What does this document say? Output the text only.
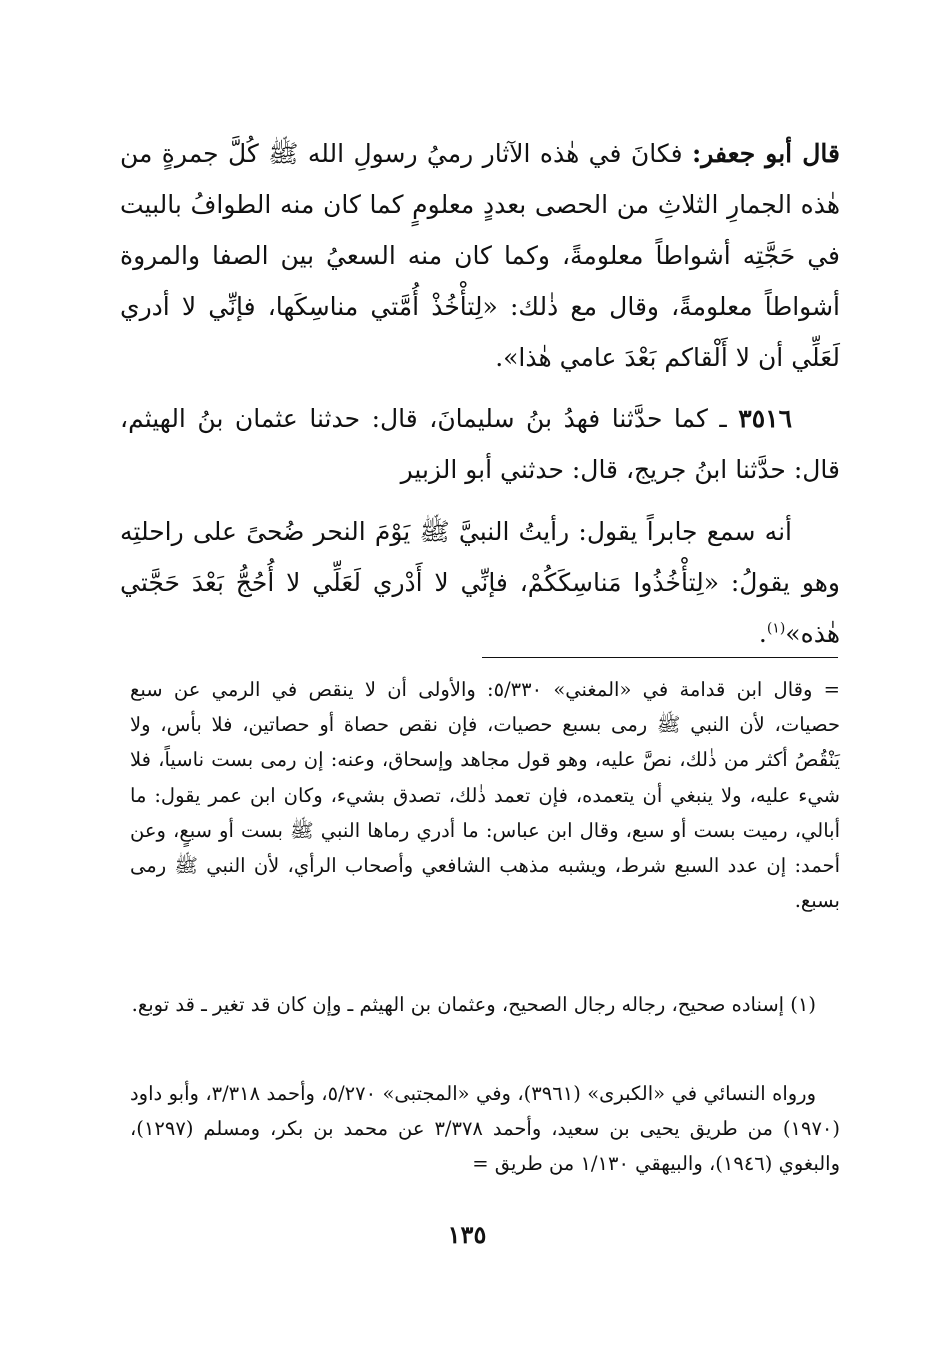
قال أبو جعفر: فكانَ في هٰذه الآثار رميُ رسولِ الله ﷺ كُلَّ جمرةٍ من هٰذه الجمارِ الثلاثِ من الحصى بعددٍ معلومٍ كما كان منه الطوافُ بالبيت في حَجَّتِه أشواطاً معلومةً، وكما كان منه السعيُ بين الصفا والمروة أشواطاً معلومةً، وقال مع ذٰلك: «لِتأْخُذْ أُمَّتي مناسِكَها، فإنِّي لا أدري لَعَلِّي أن لا أَلْقاكم بَعْدَ عامي هٰذا».

٣٥١٦ ـ كما حدَّثنا فهدُ بنُ سليمانَ، قال: حدثنا عثمان بنُ الهيثم، قال: حدَّثنا ابنُ جريج، قال: حدثني أبو الزبير

أنه سمع جابراً يقول: رأيتُ النبيَّ ﷺ يَوْمَ النحر ضُحىً على راحلتِه وهو يقولُ: «لِتأْخُذُوا مَناسِكَكُمْ، فإنِّي لا أَدْري لَعَلِّي لا أُحُجُّ بَعْدَ حَجَّتي هٰذه»$^{(١)}$.

= وقال ابن قدامة في «المغني» ٥/٣٣٠: والأولى أن لا ينقص في الرمي عن سبع حصيات، لأن النبي ﷺ رمى بسبع حصيات، فإن نقص حصاة أو حصاتين، فلا بأس، ولا يَنْقُصُ أكثر من ذٰلك، نصَّ عليه، وهو قول مجاهد وإسحاق، وعنه: إن رمى بست ناسياً، فلا شيء عليه، ولا ينبغي أن يتعمده، فإن تعمد ذٰلك، تصدق بشيء، وكان ابن عمر يقول: ما أبالي، رميت بست أو سبع، وقال ابن عباس: ما أدري رماها النبي ﷺ بست أو سبعٍ، وعن أحمد: إن عدد السبع شرط، ويشبه مذهب الشافعي وأصحاب الرأي، لأن النبي ﷺ رمى بسبع.

(١) إسناده صحيح، رجاله رجال الصحيح، وعثمان بن الهيثم ـ وإن كان قد تغير ـ قد توبع.

ورواه النسائي في «الكبرى» (٣٩٦١)، وفي «المجتبى» ٥/٢٧٠، وأحمد ٣/٣١٨، وأبو داود (١٩٧٠) من طريق يحيى بن سعيد، وأحمد ٣/٣٧٨ عن محمد بن بكر، ومسلم (١٢٩٧)، والبغوي (١٩٤٦)، والبيهقي ١/١٣٠ من طريق =

١٣٥
